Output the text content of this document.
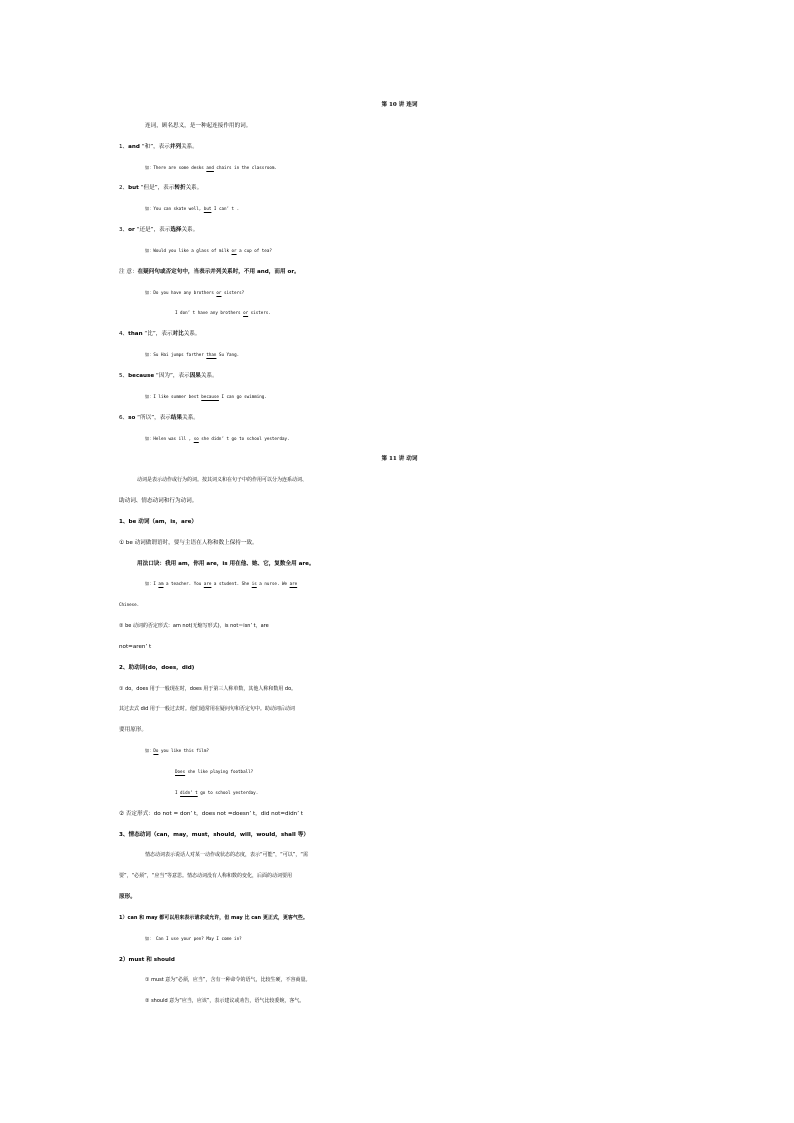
第 10 讲 连词
连词，顾名思义，是一种起连接作用的词。
1、and “和”，表示并列关系。
如：There are some desks and chairs in the classroom.
2、but “但是”，表示转折关系。
如：You can skate well, but I can’ t .
3、or “还是”，表示选择关系。
如：Would you like a glass of milk or a cup of tea?
注 意：在疑问句或否定句中，当表示并列关系时，不用 and，而用 or。
如：Do you have any brothers or sisters?
I don’ t have any brothers or sisters.
4、than “比”，表示对比关系。
如：Su Hai jumps farther than Su Yang.
5、because “因为”，表示因果关系。
如：I like summer best because I can go swimming.
6、so “所以”，表示结果关系。
如：Helen was ill , so she didn’ t go to school yesterday.
第 11 讲 动词
动词是表示动作或行为的词。按其词义和在句子中的作用可以分为连系动词、
助动词、情态动词和行为动词。
1、be 动词（am，is，are）
① be 动词做谓语时，要与主语在人称和数上保持一致。
用法口诀：我用 am，你用 are，is 用在他、她、它，复数全用 are。
如：I am a teacher. You are a student. She is a nurse. We are
Chinese.
② be 动词的否定形式：am not(无缩写形式)，is not＝isn’ t，are
not=aren’ t
2、助动词(do，does，did)
① do，does 用于一般现在时，does 用于第三人称单数，其他人称和数用 do。
其过去式 did 用于一般过去时。他们通常用在疑问句和否定句中。助动词后动词
要用原形。
如：Do you like this film?
Does she like playing football?
I didn’ t go to school yesterday.
② 否定形式：do not = don’ t，does not =doesn’ t，did not=didn’ t
3、情态动词（can，may，must，should，will，would，shall 等）
情态动词表示说话人对某一动作或状态的态度，表示“可能”，“可以”，“需
要”，“必须”，“应当”等意思。情态动词没有人称和数的变化，后面的动词要用
原形。
1）can 和 may 都可以用来表示请求或允许，但 may 比 can 更正式，更客气些。
如： Can I use your pen? May I come in?
2）must 和 should
① must 意为“必须，应当”，含有一种命令的语气，比较生硬，不容商量。
② should 意为“应当，应该”，表示建议或劝告，语气比较委婉，客气。
